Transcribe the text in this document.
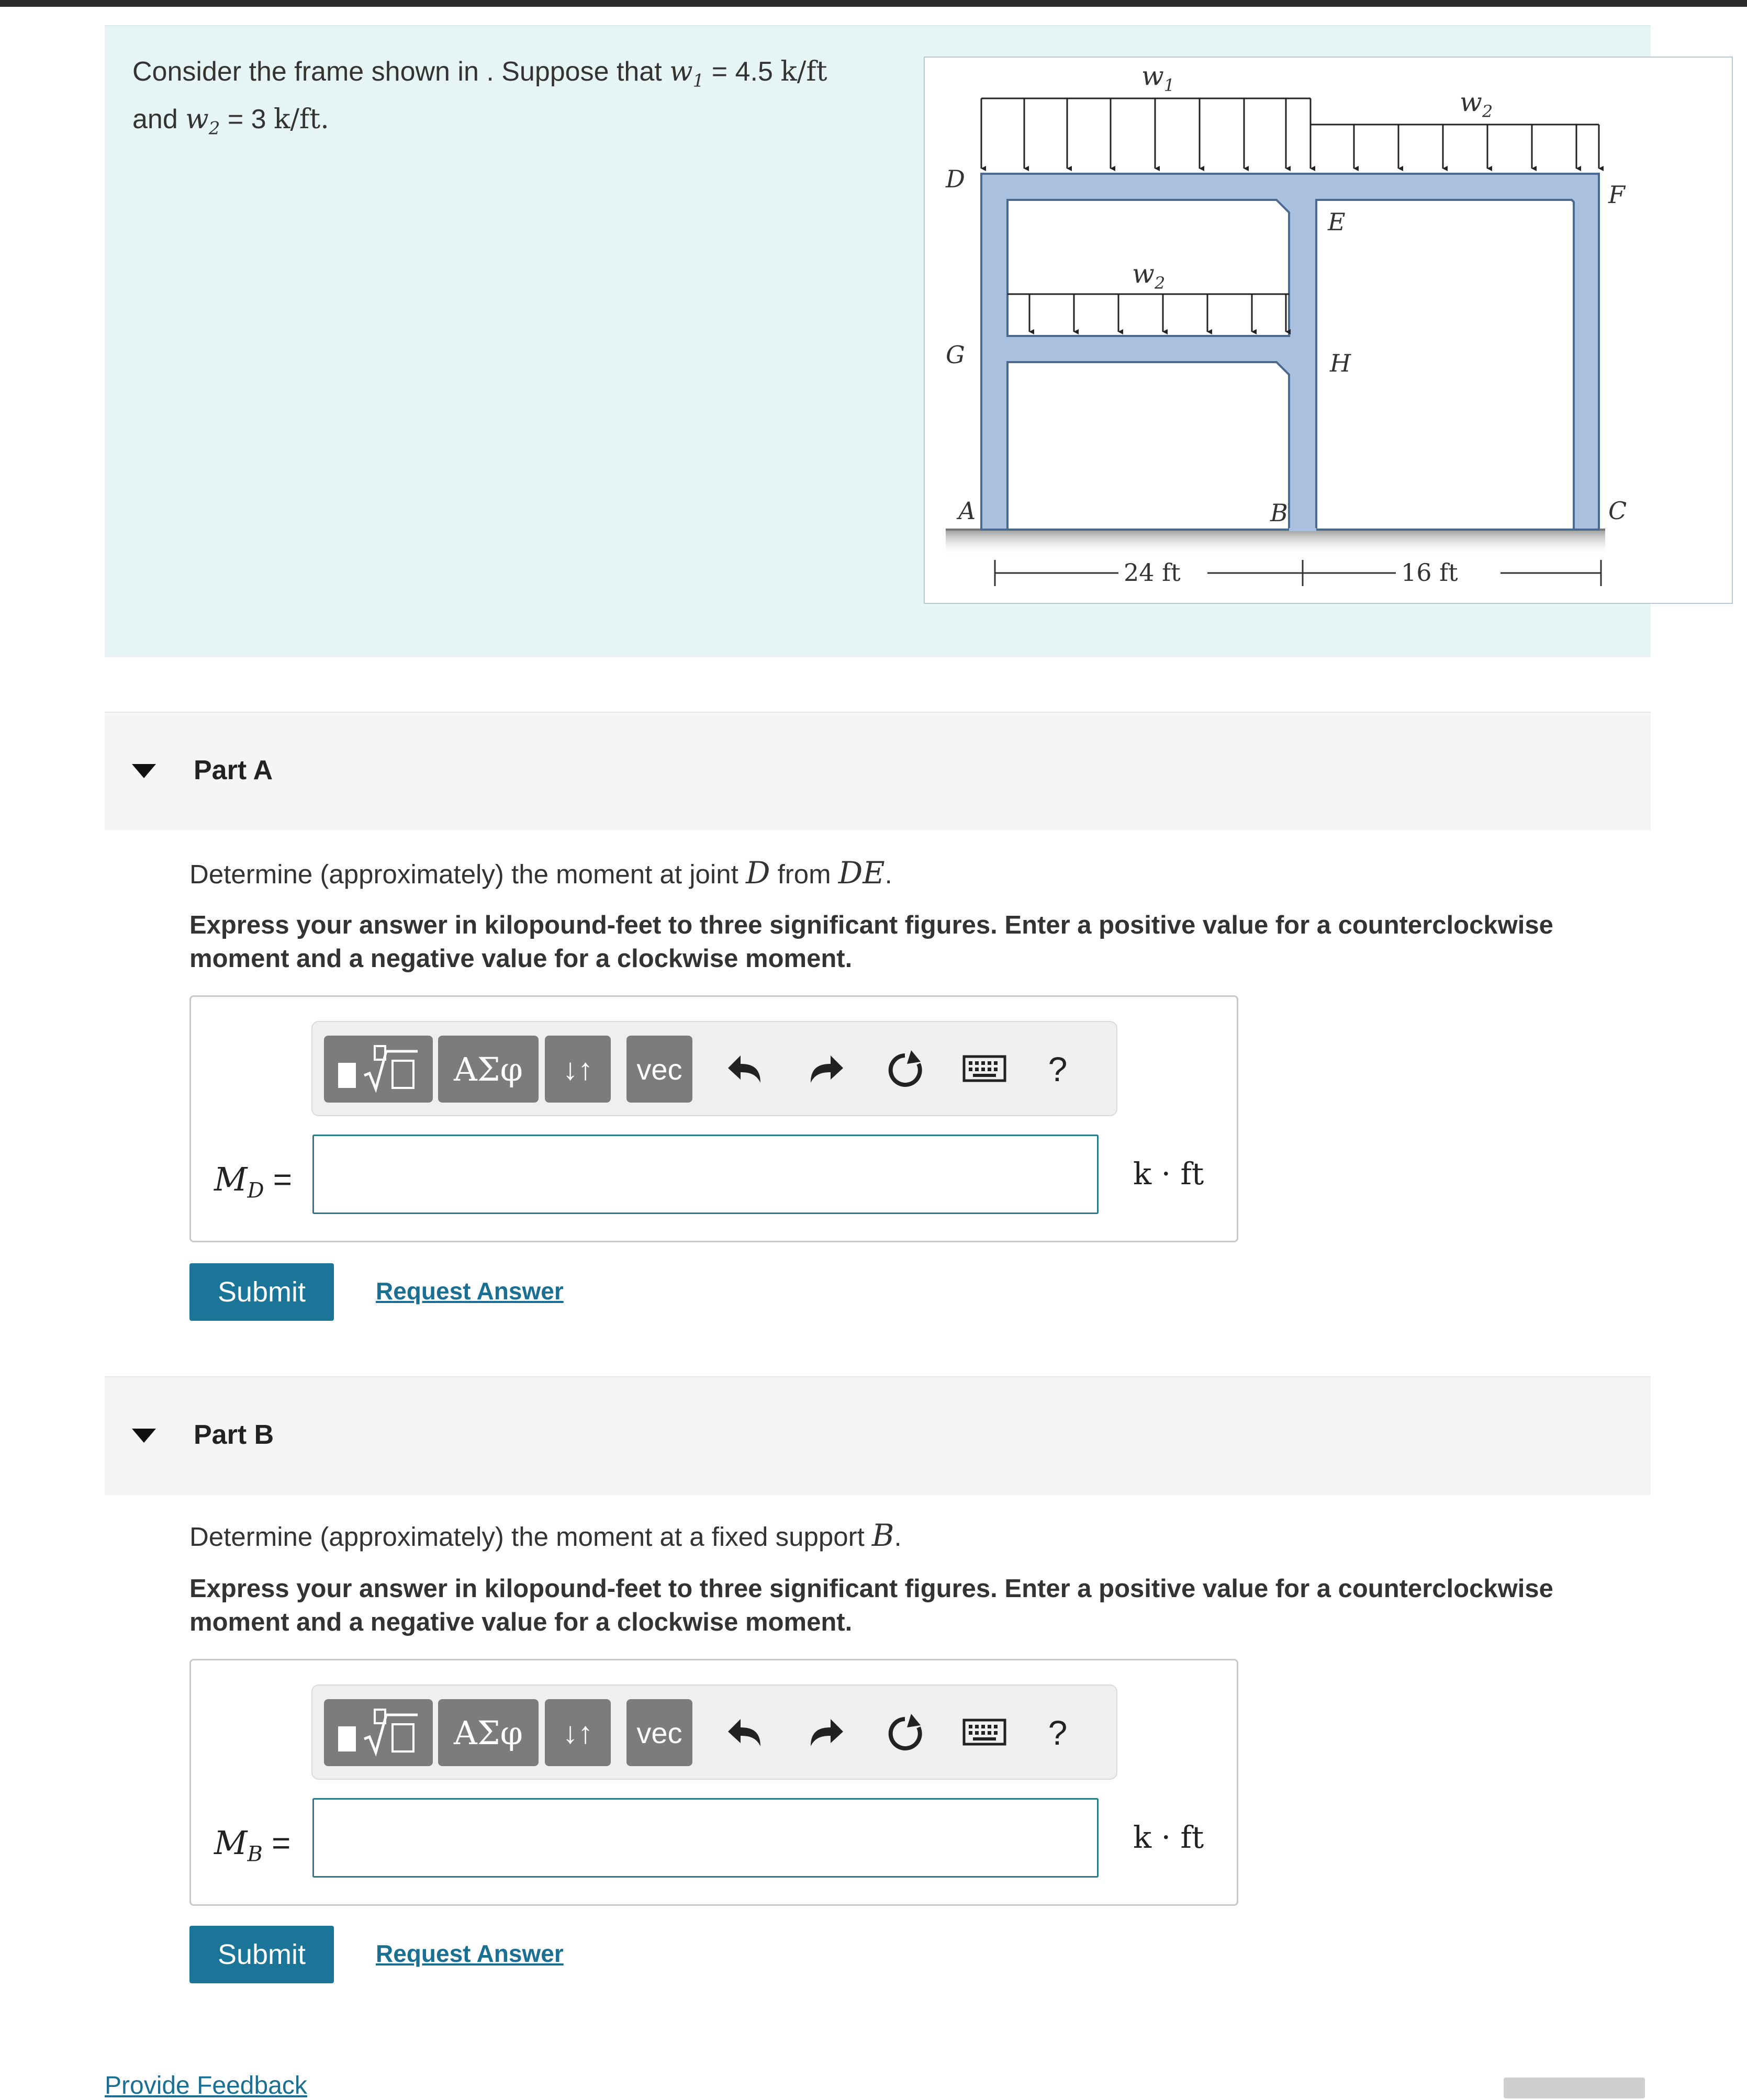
Consider the frame shown in . Suppose that $w_1 = 4.5$ k/ft
and $w_2 = 3$ k/ft.
$w_1$
$w_2$
$w_2$
D
E
F
G	H
A	B	C
24 ft	16 ft
Part A
Determine (approximately) the moment at joint D from DE.
Express your answer in kilopound-feet to three significant figures. Enter a positive value for a counterclockwise moment and a negative value for a clockwise moment.
ΑΣφ	↓↑	vec	?
$M_D$ =	k · ft
Submit	Request Answer
Part B
Determine (approximately) the moment at a fixed support B.
Express your answer in kilopound-feet to three significant figures. Enter a positive value for a counterclockwise moment and a negative value for a clockwise moment.
ΑΣφ	↓↑	vec	?
$M_B$ =	k · ft
Submit	Request Answer
Provide Feedback
